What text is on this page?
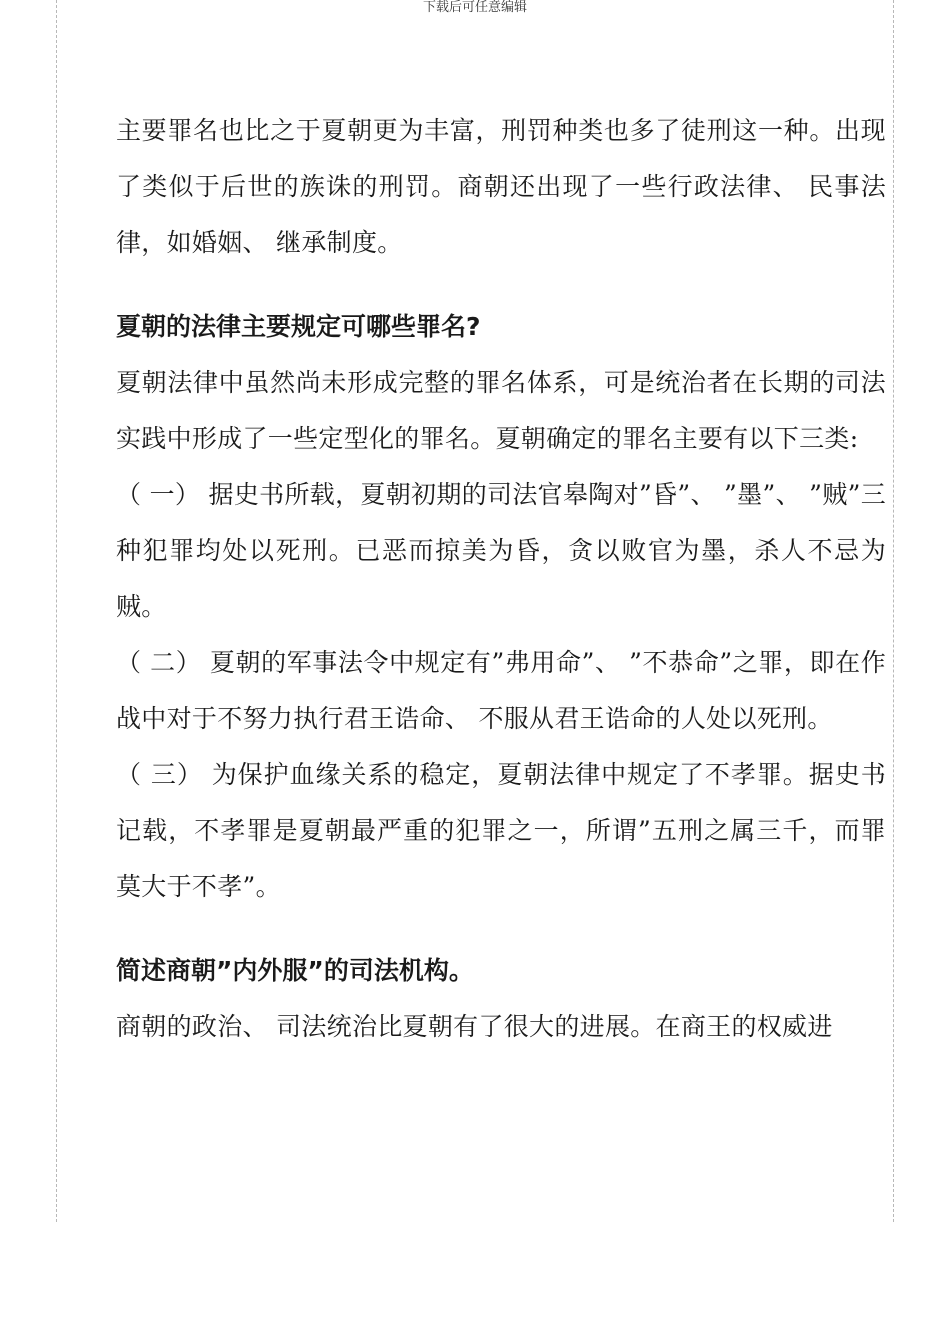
下载后可任意编辑

主要罪名也比之于夏朝更为丰富，刑罚种类也多了徒刑这一种。出现了类似于后世的族诛的刑罚。商朝还出现了一些行政法律、 民事法律，如婚姻、 继承制度。

夏朝的法律主要规定可哪些罪名?

夏朝法律中虽然尚未形成完整的罪名体系，可是统治者在长期的司法实践中形成了一些定型化的罪名。夏朝确定的罪名主要有以下三类:

（ 一） 据史书所载，夏朝初期的司法官皋陶对”昏”、 ”墨”、 ”贼”三种犯罪均处以死刑。已恶而掠美为昏，贪以败官为墨，杀人不忌为贼。

（ 二） 夏朝的军事法令中规定有”弗用命”、 ”不恭命”之罪，即在作战中对于不努力执行君王诰命、 不服从君王诰命的人处以死刑。

（ 三） 为保护血缘关系的稳定，夏朝法律中规定了不孝罪。据史书记载，不孝罪是夏朝最严重的犯罪之一，所谓”五刑之属三千，而罪莫大于不孝”。

简述商朝”内外服”的司法机构。

商朝的政治、 司法统治比夏朝有了很大的进展。在商王的权威进
